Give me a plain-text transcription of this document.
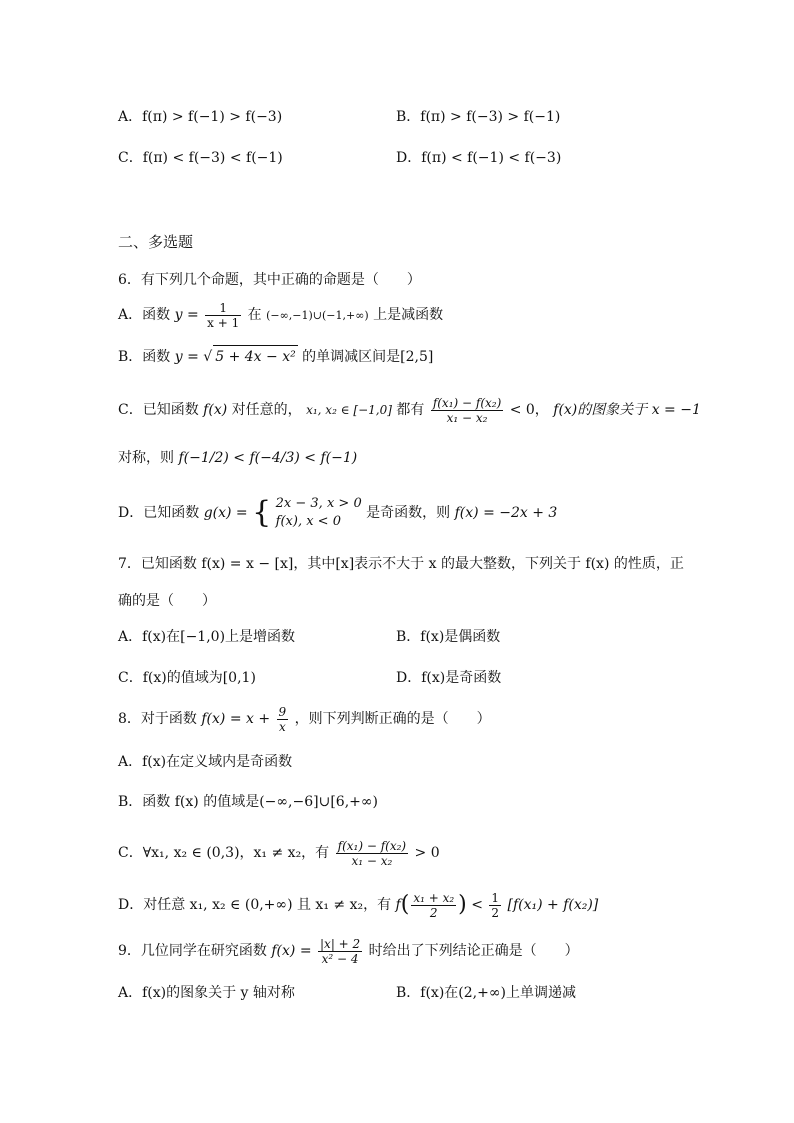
A．f(π) > f(−1) > f(−3)	B．f(π) > f(−3) > f(−1)
C．f(π) < f(−3) < f(−1)	D．f(π) < f(−1) < f(−3)
二、多选题
6．有下列几个命题，其中正确的命题是（　　）
A．函数 $y = \frac{1}{x + 1}$ 在 (−∞,−1)∪(−1,+∞) 上是减函数
B．函数 y = √ 5 + 4x − x² 的单调减区间是[2,5]
C．已知函数 f(x) 对任意的， x₁, x₂ ∈ [−1,0] 都有 $\frac{\text{f(x₁) − f(x₂)}}{\text{x₁ − x₂}} < 0$， f(x)的图象关于 x = −1
对称，则 f(−1/2) < f(−4/3) < f(−1)
D．已知函数 g(x) = { 2x − 3, x > 0
f(x), x < 0
是奇函数，则 f(x) = −2x + 3
7．已知函数 f(x) = x − [x]，其中[x]表示不大于 x 的最大整数，下列关于 f(x) 的性质，正
确的是（　　）
A．f(x)在[−1,0)上是增函数	B．f(x)是偶函数
C．f(x)的值域为[0,1)	D．f(x)是奇函数
8．对于函数 $f(x) = x + \frac{9}{x}$ ，则下列判断正确的是（　　）
A．f(x)在定义域内是奇函数
B．函数 f(x) 的值域是(−∞,−6]∪[6,+∞)
C．∀x₁, x₂ ∈ (0,3)，x₁ ≠ x₂，有 $\frac{\text{f(x₁) − f(x₂)}}{\text{x₁ − x₂}} > 0$
D．对任意 x₁, x₂ ∈ (0,+∞) 且 x₁ ≠ x₂，有 $f( \frac{\text{x₁ + x₂}}{2}$ ) < $\frac{1}{2} [f(x_1) + f(x_2)]$
9．几位同学在研究函数 $f(x) = \frac{|x| + 2}{\text{x² − 4}}$ 时给出了下列结论正确是（　　）
A．f(x)的图象关于 y 轴对称	B．f(x)在(2,+∞)上单调递减
